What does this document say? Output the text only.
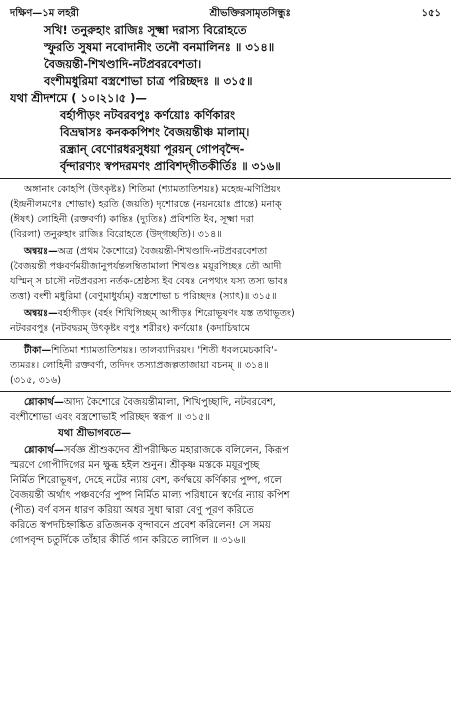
দক্ষিণ—১ম লহরী	শ্রীভক্তিরসামৃতসিন্ধুঃ	১৫১
সখি! তনুরুহাং রাজিঃ সূক্ষ্মা দরাস্য বিরোহতে
স্ফুরতি সুষমা নবোদানীং তনৌ বনমালিনঃ ॥ ৩১৪॥
বৈজয়ন্তী-শিখণ্ডাদি-নটপ্রবরবেশতা।
বংশীমধুরিমা বস্ত্রশোভা চাত্র পরিচ্ছদঃ ॥ ৩১৫॥
যথা শ্রীদশমে ( ১০।২১।৫ )—
বর্হাপীড়ং নটবরবপুঃ কর্ণয়োঃ কর্ণিকারং
বিভ্রদ্বাসঃ কনককপিশং বৈজয়ন্তীঞ্চ মালাম্।
রন্ধ্রান্ বেণোরধরসুধয়া পূরয়ন্ গোপবৃন্দৈ-
র্বৃন্দারণ্যং স্বপদরমণং প্রাবিশদ্‌গীতকীর্তিঃ ॥ ৩১৬॥
অঙ্গানাং কোহপি (উৎকৃষ্টঃ) শিতিমা (শ্যামতাতিশয়ঃ) মহেন্দ্র-মণিপ্রিয়ং
(ইন্দ্রনীলমণেঃ শোভাং) হরতি (জয়তি) দৃশোরন্তে (নয়নয়োঃ প্রান্তে) মনাক্
(ঈষৎ) লোহিনী (রক্তবর্ণা) কান্তিঃ (দ্যুতিঃ) প্রবিশতি ইব, সূক্ষ্মা দরা
(বিরলা) তনুরুহাং রাজিঃ বিরোহতে (উদ্‌গচ্ছতি)। ৩১৪॥
অন্বয়ঃ—অত্র (প্রথম কৈশোরে) বৈজয়ন্তী-শিখণ্ডাদি-নটপ্রবরবেশতা
(বৈজয়ন্তী পঞ্চবর্ণময়ীজানুপর্যন্তলম্বিতামালা শিখণ্ডঃ ময়ূরপিচ্ছঃ তৌ আদী
যস্মিন্ স চাসৌ নটপ্রবরস্য নর্তক-শ্রেষ্ঠস্য ইব বেষঃ নেপথ্যং যস্য তস্য ভাবঃ
তত্তা) বংশী মধুরিমা (বেণুমাধুর্য্যম্) বস্ত্রশোভা চ পরিচ্ছদঃ (স্যাৎ)॥ ৩১৫॥
অন্বয়ঃ—বর্হাপীড়ং (বর্হং শিখিপিচ্ছম্ আপীড়ঃ শিরোভূষণং যস্ত তথাভূতং)
নটবরবপুঃ (নটবদ্বরম্ উৎকৃষ্টং বপুঃ শরীরং) কর্ণয়োঃ (কদাচিদ্বামে
টীকা—শিতিমা শ্যামতাতিশয়ঃ। তালব্যাদিরয়ং। 'শিতী ধবলমেচকাবি'-
ত্যমরঃ। লোহিনী রক্তবর্ণা, তদিদং তস্যাপ্রজল্পতাজায়া বচনম্ ॥ ৩১৪॥
(৩১৫, ৩১৬)
শ্লোকার্থ—আদ্য কৈশোরে বৈজয়ন্তীমালা, শিখিপুচ্ছাদি, নটবরবেশ,
বংশীশোভা এবং বস্ত্রশোভাই পরিচ্ছদ স্বরূপ ॥ ৩১৫॥
যথা শ্রীভাগবতে—
শ্লোকার্থ—সর্বজ্ঞ শ্রীশুকদেব শ্রীপরীক্ষিত মহারাজকে বলিলেন, কিরূপ
স্মরণে গোপীদিগের মন ক্ষুব্ধ হইল শুনুন। শ্রীকৃষ্ণ মস্তকে ময়ূরপুচ্ছ
নির্মিত শিরোভূষণ, দেহে নটের ন্যায় বেশ, কর্ণদ্বয়ে কর্ণিকার পুষ্প, গলে
বৈজয়ন্তী অর্থাৎ পঞ্চবর্ণের পুষ্প নির্মিত মাল্য পরিধানে স্বর্ণের ন্যায় কপিশ
(পীত) বর্ণ বসন ধারণ করিয়া অধর সুধা দ্বারা বেণু পূরণ করিতে
করিতে স্বপদচিহ্নাঙ্কিত রতিজনক বৃন্দাবনে প্রবেশ করিলেন! সে সময়
গোপবৃন্দ চতুর্দিকে তাঁহার কীর্তি গান করিতে লাগিল ॥ ৩১৬॥
